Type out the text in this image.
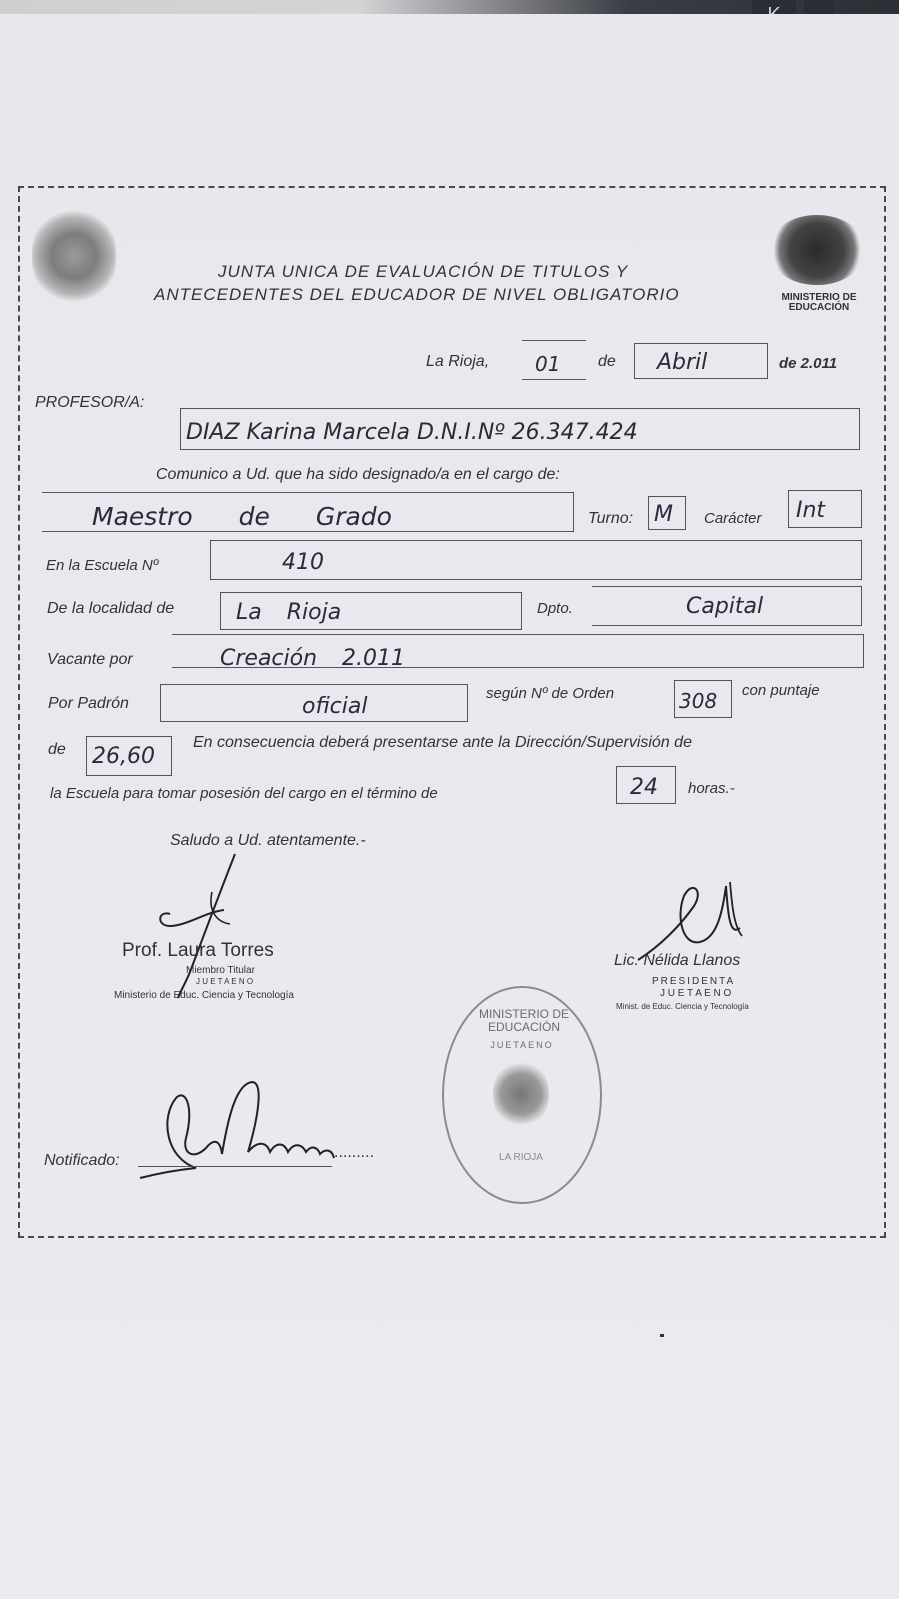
MINISTERIO DE
EDUCACIÓN
JUNTA UNICA DE EVALUACIÓN DE TITULOS Y
ANTECEDENTES DEL EDUCADOR DE NIVEL OBLIGATORIO
La Rioja, 01 de Abril	de 2.011
PROFESOR/A:
DIAZ Karina Marcela D.N.I.Nº 26.347.424
Comunico a Ud. que ha sido designado/a en el cargo de:
Maestro de Grado	Turno: M Carácter Int
En la Escuela Nº	410
De la localidad de	La Rioja	Dpto.	Capital
Vacante por	Creación 2.011
Por Padrón	oficial
según Nº de Orden	308 con puntaje
de 26,60
En consecuencia deberá presentarse ante la Dirección/Supervisión de
la Escuela para tomar posesión del cargo en el término de	24 horas.-
Saludo a Ud. atentamente.-
Prof. Laura Torres
Miembro Titular
J U E T A E N O
Ministerio de Educ. Ciencia y Tecnología
Lic. Nélida Llanos
PRESIDENTA
J U E T A E N O
Minist. de Educ. Ciencia y Tecnología
MINISTERIO DE EDUCACIÓN
JUETAENO
LA RIOJA
Notificado:	.........
